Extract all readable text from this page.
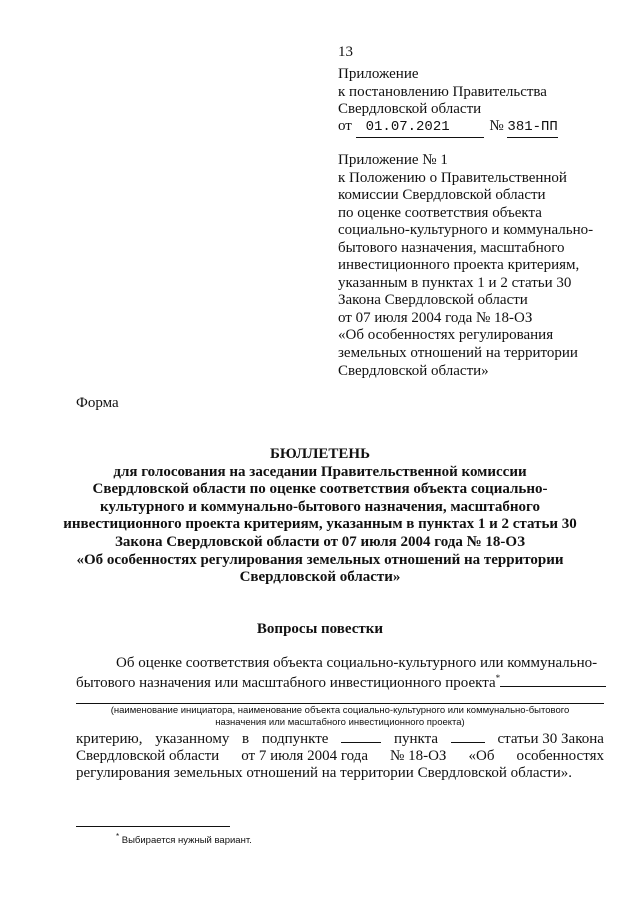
13
Приложение
к постановлению Правительства
Свердловской области
от 01.07.2021	№ 381-ПП
Приложение № 1
к Положению о Правительственной
комиссии Свердловской области
по оценке соответствия объекта
социально-культурного и коммунально-
бытового назначения, масштабного
инвестиционного проекта критериям,
указанным в пунктах 1 и 2 статьи 30
Закона Свердловской области
от 07 июля 2004 года № 18-ОЗ
«Об особенностях регулирования
земельных отношений на территории
Свердловской области»
Форма
БЮЛЛЕТЕНЬ
для голосования на заседании Правительственной комиссии
Свердловской области по оценке соответствия объекта социально-
культурного и коммунально-бытового назначения, масштабного
инвестиционного проекта критериям, указанным в пунктах 1 и 2 статьи 30
Закона Свердловской области от 07 июля 2004 года № 18-ОЗ
«Об особенностях регулирования земельных отношений на территории
Свердловской области»
Вопросы повестки
Об оценке соответствия объекта социально-культурного или коммунально-
бытового назначения или масштабного инвестиционного проекта*
(наименование инициатора, наименование объекта социально-культурного или коммунально-бытового
назначения или масштабного инвестиционного проекта)
критерию, указанному в подпункте	пункта	статьи 30 Закона
Свердловской области от 7 июля 2004 года № 18-ОЗ «Об особенностях
регулирования земельных отношений на территории Свердловской области».
* Выбирается нужный вариант.
